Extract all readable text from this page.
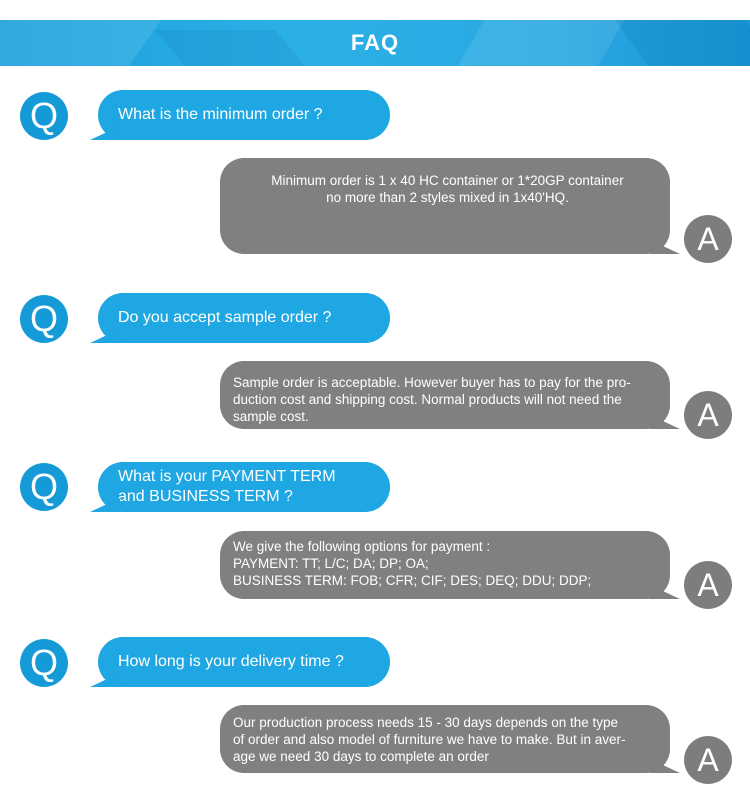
FAQ
Q	What is the minimum order ?
Minimum order is 1 x 40 HC container or 1*20GP container
no more than 2 styles mixed in 1x40'HQ.
A
Q	Do you accept sample order ?
Sample order is acceptable. However buyer has to pay for the pro-
duction cost and shipping cost. Normal products will not need the
sample cost.	A
Q	What is your PAYMENT TERM
and BUSINESS TERM ?
We give the following options for payment :
PAYMENT: TT; L/C; DA; DP; OA;
BUSINESS TERM: FOB; CFR; CIF; DES; DEQ; DDU; DDP;	A
Q	How long is your delivery time ?
Our production process needs 15 - 30 days depends on the type
of order and also model of furniture we have to make. But in aver-
age we need 30 days to complete an order	A
